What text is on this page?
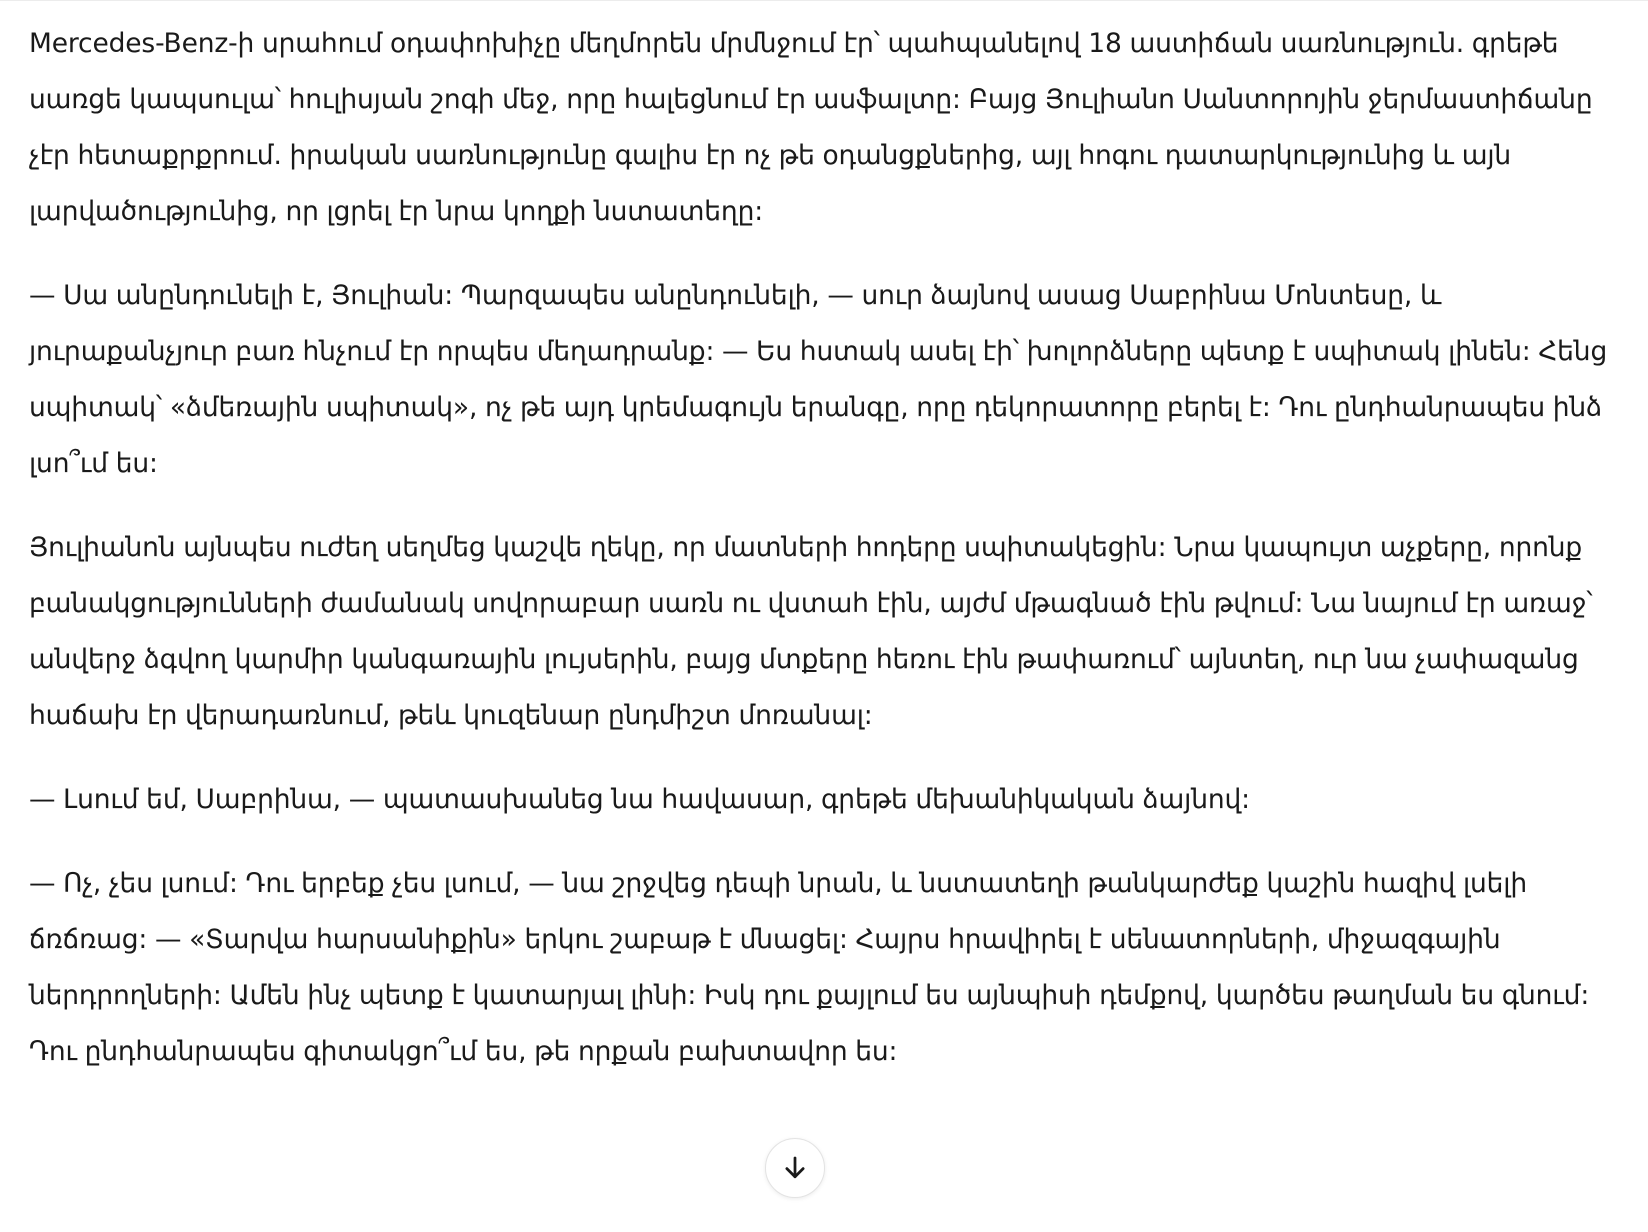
Mercedes-Benz-ի սրահում օդափոխիչը մեղմորեն մրմնջում էր՝ պահպանելով 18 աստիճան սառնություն. գրեթե սառցե կապսուլա՝ հուլիսյան շոգի մեջ, որը հալեցնում էր ասֆալտը: Բայց Յուլիանո Սանտորոյին ջերմաստիճանը չէր հետաքրքրում. իրական սառնությունը գալիս էր ոչ թե օդանցքներից, այլ հոգու դատարկությունից և այն լարվածությունից, որ լցրել էր նրա կողքի նստատեղը:

— Սա անընդունելի է, Յուլիան: Պարզապես անընդունելի, — սուր ձայնով ասաց Սաբրինա Մոնտեսը, և յուրաքանչյուր բառ հնչում էր որպես մեղադրանք: — Ես հստակ ասել էի՝ խոլորձները պետք է սպիտակ լինեն: Հենց սպիտակ՝ «ձմեռային սպիտակ», ոչ թե այդ կրեմագույն երանգը, որը դեկորատորը բերել է: Դու ընդհանրապես ինձ լսո՞ւմ ես:

Յուլիանոն այնպես ուժեղ սեղմեց կաշվե ղեկը, որ մատների հոդերը սպիտակեցին: Նրա կապույտ աչքերը, որոնք բանակցությունների ժամանակ սովորաբար սառն ու վստահ էին, այժմ մթագնած էին թվում: Նա նայում էր առաջ՝ անվերջ ձգվող կարմիր կանգառային լույսերին, բայց մտքերը հեռու էին թափառում՝ այնտեղ, ուր նա չափազանց հաճախ էր վերադառնում, թեև կուզենար ընդմիշտ մոռանալ:

— Լսում եմ, Սաբրինա, — պատասխանեց նա հավասար, գրեթե մեխանիկական ձայնով:

— Ոչ, չես լսում: Դու երբեք չես լսում, — նա շրջվեց դեպի նրան, և նստատեղի թանկարժեք կաշին հազիվ լսելի ճռճռաց: — «Տարվա հարսանիքին» երկու շաբաթ է մնացել: Հայրս հրավիրել է սենատորների, միջազգային ներդրողների: Ամեն ինչ պետք է կատարյալ լինի: Իսկ դու քայլում ես այնպիսի դեմքով, կարծես թաղման ես գնում: Դու ընդհանրապես գիտակցո՞ւմ ես, թե որքան բախտավոր ես:
